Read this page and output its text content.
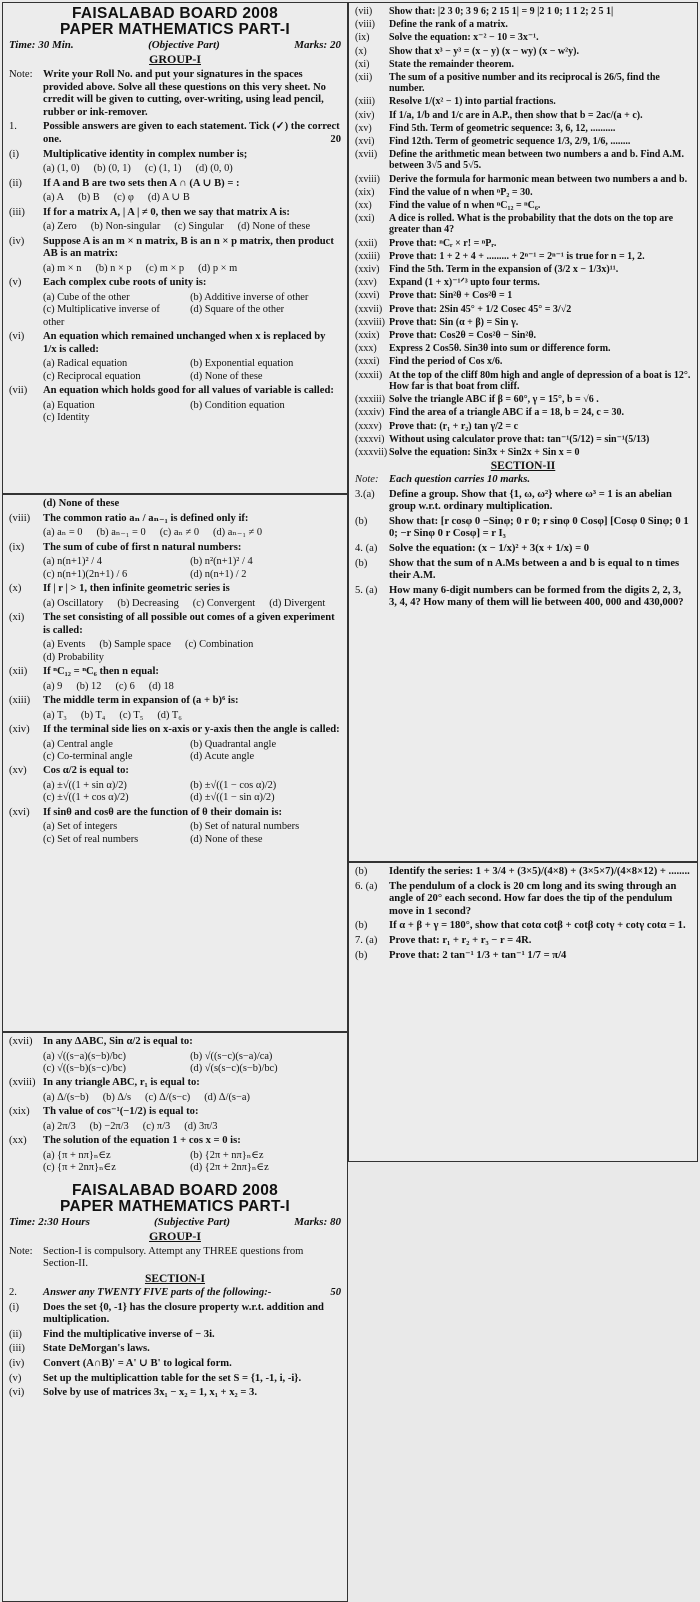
FAISALABAD BOARD 2008
PAPER MATHEMATICS PART-I
Time: 30 Min.	(Objective Part)	Marks: 20
GROUP-I
Note: Write your Roll No. and put your signatures in the spaces provided above. Solve all these questions on this very sheet. No crredit will be given to cutting, over-writing, using lead pencil, rubber or ink-remover.
1.	Possible answers are given to each statement. Tick (✓) the correct one.	20
(i)	Multiplicative identity in complex number is;
(a) (1, 0) (b) (0, 1) (c) (1, 1) (d) (0, 0)
(ii)	If A and B are two sets then A ∩ (A ∪ B) = :
(a) A (b) B (c) φ (d) A ∪ B
(iii)	If for a matrix A, | A | ≠ 0, then we say that matrix A is:
(a) Zero (b) Non-singular (c) Singular (d) None of these
(iv)	Suppose A is an m × n matrix, B is an n × p matrix, then product AB is an matrix:
(a) m × n (b) n × p (c) m × p (d) p × m
(v)	Each complex cube roots of unity is:
(a) Cube of the other	(b) Additive inverse of other
(c) Multiplicative inverse of other
(d) Square of the other
(vi)	An equation which remained unchanged when x is replaced by 1/x is called:
(a) Radical equation	(b) Exponential equation
(c) Reciprocal equation	(d) None of these
(vii)	An equation which holds good for all values of variable is called:
(a) Equation	(b) Condition equation
(c) Identity
(d) None of these
(viii)	The common ratio aₙ / aₙ₋₁ is defined only if:
(a) aₙ = 0 (b) aₙ₋₁ = 0 (c) aₙ ≠ 0 (d) aₙ₋₁ ≠ 0
(ix)	The sum of cube of first n natural numbers:
(a) n(n+1)² / 4	(b) n²(n+1)² / 4
(c) n(n+1)(2n+1) / 6	(d) n(n+1) / 2
(x)	If | r | > 1, then infinite geometric series is
(a) Oscillatory (b) Decreasing (c) Convergent (d) Divergent
(xi)	The set consisting of all possible out comes of a given experiment is called:
(a) Events (b) Sample space (c) Combination
(d) Probability
(xii)	If ⁿC₁₂ = ⁿC₆ then n equal:
(a) 9 (b) 12 (c) 6 (d) 18
(xiii)	The middle term in expansion of (a + b)⁶ is:
(a) T₃ (b) T₄ (c) T₅ (d) T₆
(xiv)	If the terminal side lies on x-axis or y-axis then the angle is called:
(a) Central angle	(b) Quadrantal angle
(c) Co-terminal angle	(d) Acute angle
(xv)	Cos α/2 is equal to:
(a) ±√((1 + sin α)/2)	(b) ±√((1 − cos α)/2)
(c) ±√((1 + cos α)/2)	(d) ±√((1 − sin α)/2)
(xvi)	If sinθ and cosθ are the function of θ their domain is:
(a) Set of integers	(b) Set of natural numbers
(c) Set of real numbers	(d) None of these
(xvii) In any ΔABC, Sin α/2 is equal to:
(a) √((s−a)(s−b)/bc)	(b) √((s−c)(s−a)/ca)
(c) √((s−b)(s−c)/bc)	(d) √(s(s−c)(s−b)/bc)
(xviii) In any triangle ABC, r₁ is equal to:
(a) Δ/(s−b) (b) Δ/s (c) Δ/(s−c) (d) Δ/(s−a)
(xix)	Th value of cos⁻¹(−1/2) is equal to:
(a) 2π/3 (b) −2π/3 (c) π/3 (d) 3π/3
(xx)	The solution of the equation 1 + cos x = 0 is:
(a) {π + nπ}ₙ∈z	(b) {2π + nπ}ₙ∈z
(c) {π + 2nπ}ₙ∈z	(d) {2π + 2nπ}ₙ∈z
FAISALABAD BOARD 2008
PAPER MATHEMATICS PART-I
Time: 2:30 Hours	(Subjective Part)	Marks: 80
GROUP-I
Note: Section-I is compulsory. Attempt any THREE questions from Section-II.
SECTION-I
2.	Answer any TWENTY FIVE parts of the following:-	50
(i)	Does the set {0, -1} has the closure property w.r.t. addition and multiplication.
(ii)	Find the multiplicative inverse of − 3i.
(iii)	State DeMorgan's laws.
(iv)	Convert (A∩B)' = A' ∪ B' to logical form.
(v)	Set up the multiplicattion table for the set S = {1, -1, i, -i}.
(vi)	Solve by use of matrices 3x₁ − x₂ = 1, x₁ + x₂ = 3.
(vii)	Show that: |2 3 0; 3 9 6; 2 15 1| = 9 |2 1 0; 1 1 2; 2 5 1|
(viii)	Define the rank of a matrix.
(ix)	Solve the equation: x⁻² − 10 = 3x⁻¹.
(x)	Show that x³ − y³ = (x − y) (x − wy) (x − w²y).
(xi)	State the remainder theorem.
(xii)	The sum of a positive number and its reciprocal is 26/5, find the number.
(xiii)	Resolve 1/(x² − 1) into partial fractions.
(xiv)	If 1/a, 1/b and 1/c are in A.P., then show that b = 2ac/(a + c).
(xv)	Find 5th. Term of geometric sequence: 3, 6, 12, ..........
(xvi)	Find 12th. Term of geometric sequence 1/3, 2/9, 1/6, ........
(xvii)	Define the arithmetic mean between two numbers a and b. Find A.M. between 3√5 and 5√5.
(xviii) Derive the formula for harmonic mean between two numbers a and b.
(xix)	Find the value of n when ⁿP₂ = 30.
(xx)	Find the value of n when ⁿC₁₂ = ⁿC₆.
(xxi)	A dice is rolled. What is the probability that the dots on the top are greater than 4?
(xxii)	Prove that: ⁿCᵣ × r! = ⁿPᵣ.
(xxiii) Prove that: 1 + 2 + 4 + ......... + 2ⁿ⁻¹ = 2ⁿ⁻¹ is true for n = 1, 2.
(xxiv) Find the 5th. Term in the expansion of (3/2 x − 1/3x)¹¹.
(xxv)	Expand (1 + x)⁻¹ᐟ³ upto four terms.
(xxvi) Prove that: Sin²θ + Cos²θ = 1
(xxvii) Prove that: 2Sin 45° + 1/2 Cosec 45° = 3/√2
(xxviii) Prove that: Sin (α + β) = Sin γ.
(xxix) Prove that: Cos2θ = Cos²θ − Sin²θ.
(xxx)	Express 2 Cos5θ. Sin3θ into sum or difference form.
(xxxi) Find the period of Cos x/6.
(xxxii) At the top of the cliff 80m high and angle of depression of a boat is 12°. How far is that boat from cliff.
(xxxiii) Solve the triangle ABC if β = 60°, γ = 15°, b = √6 .
(xxxiv) Find the area of a triangle ABC if a = 18, b = 24, c = 30.
(xxxv) Prove that: (r₁ + r₂) tan γ/2 = c
(xxxvi) Without using calculator prove that: tan⁻¹(5/12) = sin⁻¹(5/13)
(xxxvii) Solve the equation: Sin3x + Sin2x + Sin x = 0
SECTION-II
Note: Each question carries 10 marks.
3.(a)	Define a group. Show that {1, ω, ω²} where ω³ = 1 is an abelian group w.r.t. ordinary multiplication.
(b)	Show that: [r cosφ 0 −Sinφ; 0 r 0; r sinφ 0 Cosφ] [Cosφ 0 Sinφ; 0 1 0; −r Sinφ 0 r Cosφ] = r I₃
4. (a)	Solve the equation: (x − 1/x)² + 3(x + 1/x) = 0
(b)	Show that the sum of n A.Ms between a and b is equal to n times their A.M.
5. (a)	How many 6-digit numbers can be formed from the digits 2, 2, 3, 3, 4, 4? How many of them will lie between 400, 000 and 430,000?
(b)	Identify the series: 1 + 3/4 + (3×5)/(4×8) + (3×5×7)/(4×8×12) + ........
6. (a)	The pendulum of a clock is 20 cm long and its swing through an angle of 20° each second. How far does the tip of the pendulum move in 1 second?
(b)	If α + β + γ = 180°, show that cotα cotβ + cotβ cotγ + cotγ cotα = 1.
7. (a)	Prove that: r₁ + r₂ + r₃ − r = 4R.
(b)	Prove that: 2 tan⁻¹ 1/3 + tan⁻¹ 1/7 = π/4
